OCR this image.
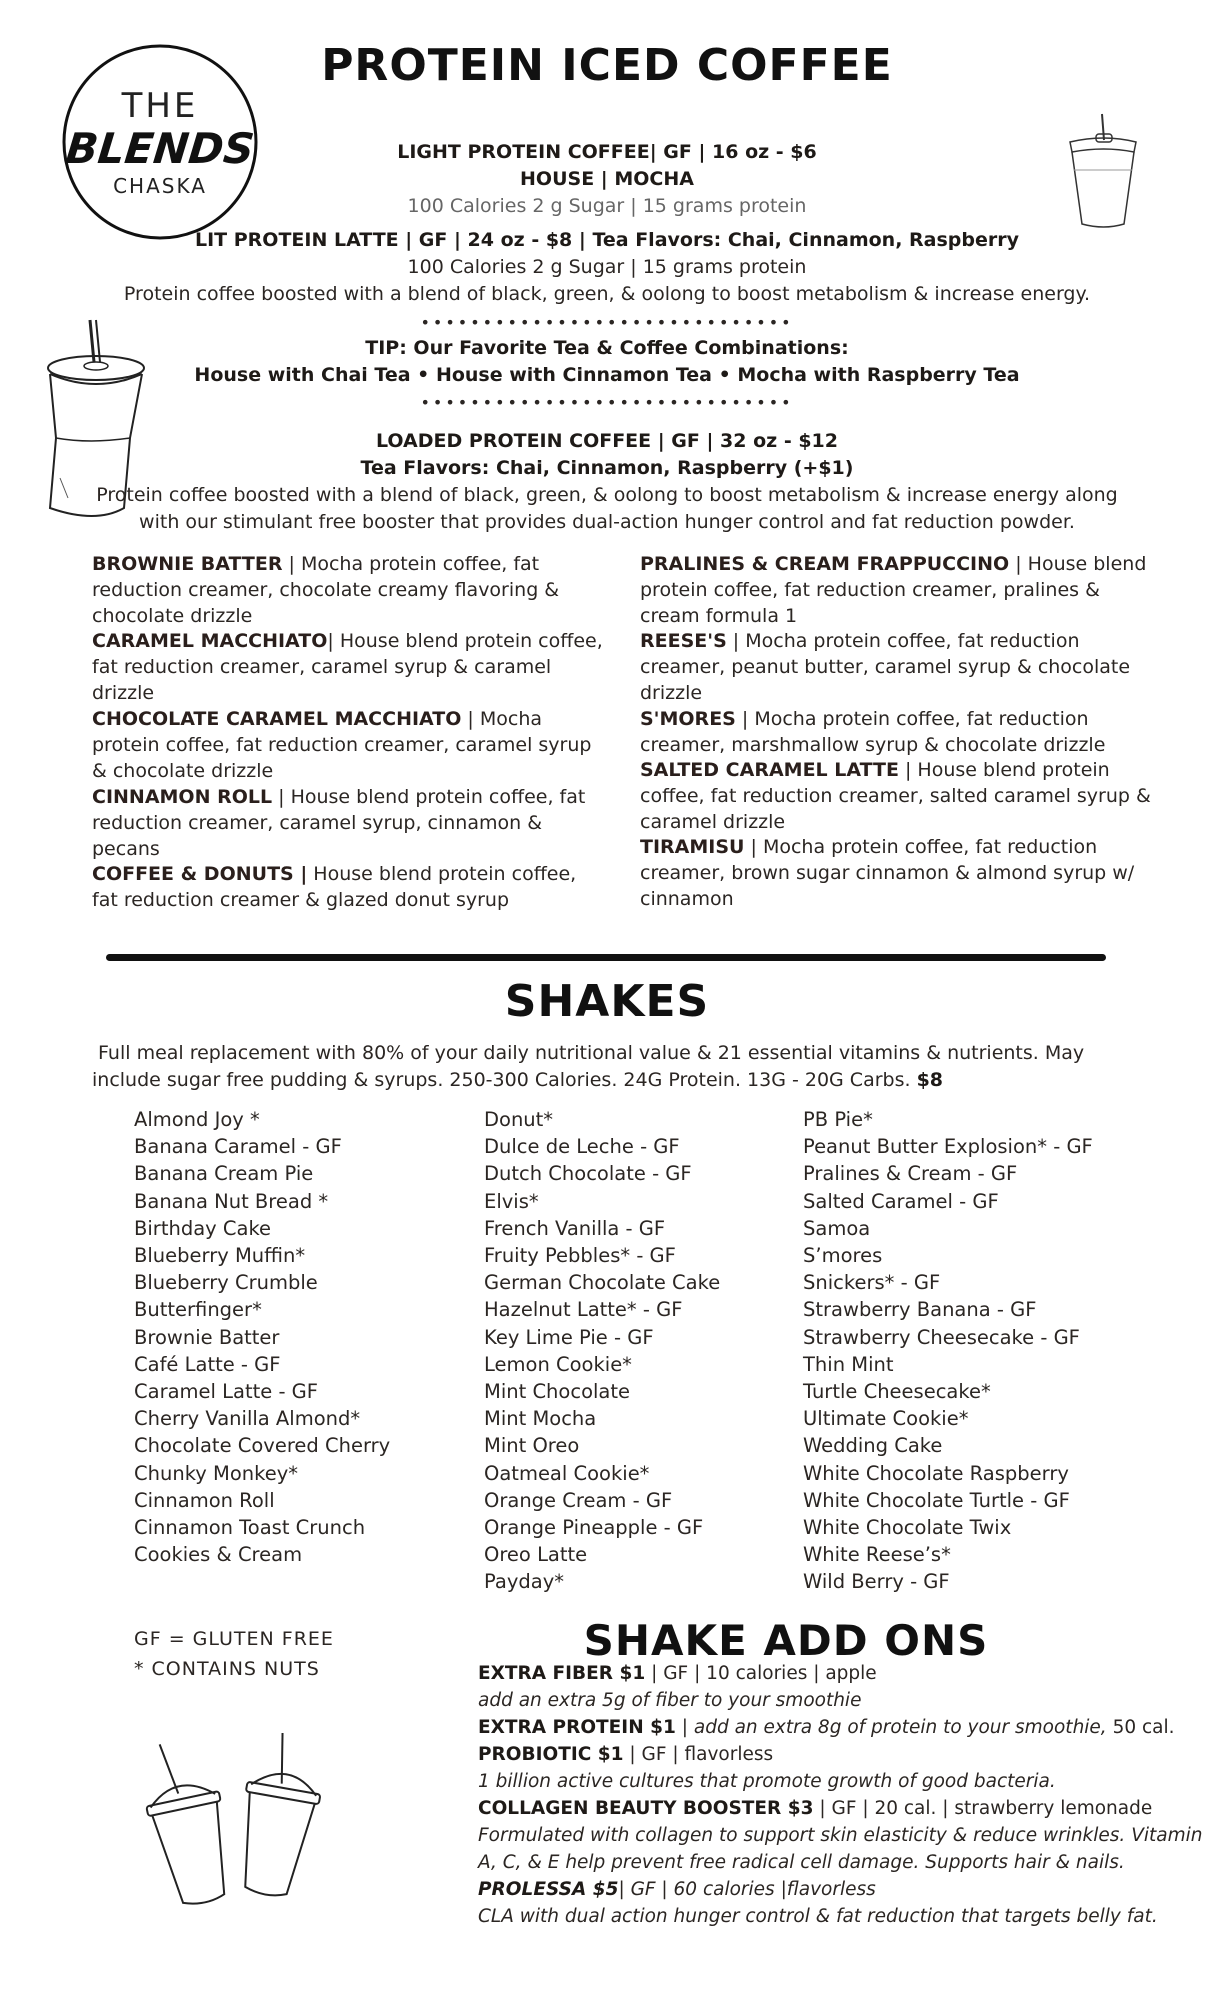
THE
BLENDS
CHASKA
PROTEIN ICED COFFEE
LIGHT PROTEIN COFFEE| GF | 16 oz - $6
HOUSE | MOCHA
100 Calories 2 g Sugar | 15 grams protein
LIT PROTEIN LATTE | GF | 24 oz - $8 | Tea Flavors: Chai, Cinnamon, Raspberry
100 Calories 2 g Sugar | 15 grams protein
Protein coffee boosted with a blend of black, green, & oolong to boost metabolism & increase energy.
••••••••••••••••••••••••••••••
TIP: Our Favorite Tea & Coffee Combinations:
House with Chai Tea • House with Cinnamon Tea • Mocha with Raspberry Tea
••••••••••••••••••••••••••••••
LOADED PROTEIN COFFEE | GF | 32 oz - $12
Tea Flavors: Chai, Cinnamon, Raspberry (+$1)
Protein coffee boosted with a blend of black, green, & oolong to boost metabolism & increase energy along
with our stimulant free booster that provides dual-action hunger control and fat reduction powder.
BROWNIE BATTER | Mocha protein coffee, fat reduction creamer, chocolate creamy flavoring & chocolate drizzle
CARAMEL MACCHIATO| House blend protein coffee, fat reduction creamer, caramel syrup & caramel drizzle
CHOCOLATE CARAMEL MACCHIATO | Mocha protein coffee, fat reduction creamer, caramel syrup & chocolate drizzle
CINNAMON ROLL | House blend protein coffee, fat reduction creamer, caramel syrup, cinnamon & pecans
COFFEE & DONUTS | House blend protein coffee, fat reduction creamer & glazed donut syrup
PRALINES & CREAM FRAPPUCCINO | House blend protein coffee, fat reduction creamer, pralines & cream formula 1
REESE'S | Mocha protein coffee, fat reduction creamer, peanut butter, caramel syrup & chocolate drizzle
S'MORES | Mocha protein coffee, fat reduction creamer, marshmallow syrup & chocolate drizzle
SALTED CARAMEL LATTE | House blend protein coffee, fat reduction creamer, salted caramel syrup & caramel drizzle
TIRAMISU | Mocha protein coffee, fat reduction creamer, brown sugar cinnamon & almond syrup w/ cinnamon
SHAKES
Full meal replacement with 80% of your daily nutritional value & 21 essential vitamins & nutrients. May
include sugar free pudding & syrups. 250-300 Calories. 24G Protein. 13G - 20G Carbs. $8
Almond Joy *
Banana Caramel - GF
Banana Cream Pie
Banana Nut Bread *
Birthday Cake
Blueberry Muffin*
Blueberry Crumble
Butterfinger*
Brownie Batter
Café Latte - GF
Caramel Latte - GF
Cherry Vanilla Almond*
Chocolate Covered Cherry
Chunky Monkey*
Cinnamon Roll
Cinnamon Toast Crunch
Cookies & Cream
Donut*
Dulce de Leche - GF
Dutch Chocolate - GF
Elvis*
French Vanilla - GF
Fruity Pebbles* - GF
German Chocolate Cake
Hazelnut Latte* - GF
Key Lime Pie - GF
Lemon Cookie*
Mint Chocolate
Mint Mocha
Mint Oreo
Oatmeal Cookie*
Orange Cream - GF
Orange Pineapple - GF
Oreo Latte
Payday*
PB Pie*
Peanut Butter Explosion* - GF
Pralines & Cream - GF
Salted Caramel - GF
Samoa
S’mores
Snickers* - GF
Strawberry Banana - GF
Strawberry Cheesecake - GF
Thin Mint
Turtle Cheesecake*
Ultimate Cookie*
Wedding Cake
White Chocolate Raspberry
White Chocolate Turtle - GF
White Chocolate Twix
White Reese’s*
Wild Berry - GF
GF = GLUTEN FREE
* CONTAINS NUTS
SHAKE ADD ONS
EXTRA FIBER $1 | GF | 10 calories | apple
add an extra 5g of fiber to your smoothie
EXTRA PROTEIN $1 | add an extra 8g of protein to your smoothie, 50 cal.
PROBIOTIC $1 | GF | flavorless
1 billion active cultures that promote growth of good bacteria.
COLLAGEN BEAUTY BOOSTER $3 | GF | 20 cal. | strawberry lemonade
Formulated with collagen to support skin elasticity & reduce wrinkles. Vitamin
A, C, & E help prevent free radical cell damage. Supports hair & nails.
PROLESSA $5| GF | 60 calories |flavorless
CLA with dual action hunger control & fat reduction that targets belly fat.
